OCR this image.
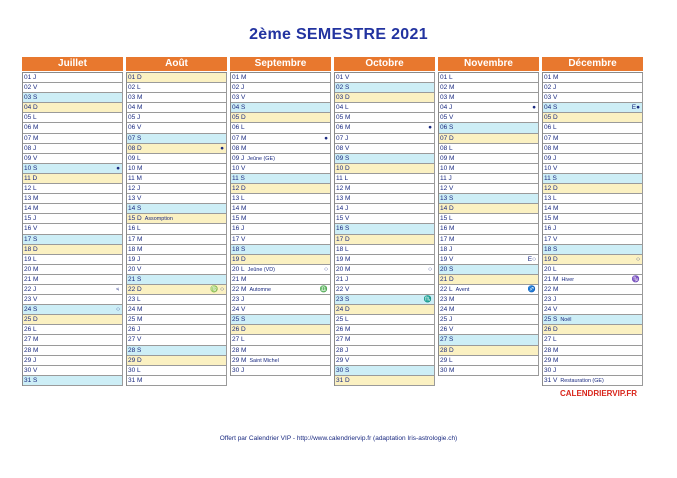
2ème SEMESTRE 2021
Juillet
01 J
02 V
03 S
04 D
05 L
06 M
07 M
08 J
09 V
10 S	●
11 D
12 L
13 M
14 M
15 J
16 V
17 S
18 D
19 L
20 M
21 M
22 J	♃
23 V
24 S	○
25 D
26 L
27 M
28 M
29 J
30 V
31 S
Août
01 D
02 L
03 M
04 M
05 J
06 V
07 S
08 D	●
09 L
10 M
11 M
12 J
13 V
14 S
15 D Assomption
16 L
17 M
18 M
19 J
20 V
21 S
22 D	♍ ○
23 L
24 M
25 M
26 J
27 V
28 S
29 D
30 L
31 M
Septembre
01 M
02 J
03 V
04 S
05 D
06 L
07 M	●
08 M
09 J Jeûne (GE)
10 V
11 S
12 D
13 L
14 M
15 M
16 J
17 V
18 S
19 D
20 L Jeûne (VD)	○
21 M
22 M Automne	♎
23 J
24 V
25 S
26 D
27 L
28 M
29 M Saint Michel
30 J
Octobre
01 V
02 S
03 D
04 L
05 M
06 M	●
07 J
08 V
09 S
10 D
11 L
12 M
13 M
14 J
15 V
16 S
17 D
18 L
19 M
20 M	○
21 J
22 V
23 S	♏
24 D
25 L
26 M
27 M
28 J
29 V
30 S
31 D
Novembre
01 L
02 M
03 M
04 J	●
05 V
06 S
07 D
08 L
09 M
10 M
11 J
12 V
13 S
14 D
15 L
16 M
17 M
18 J
19 V	E○
20 S
21 D
22 L Avent	♐
23 M
24 M
25 J
26 V
27 S
28 D
29 L
30 M
Décembre
01 M
02 J
03 V
04 S	E●
05 D
06 L
07 M
08 M
09 J
10 V
11 S
12 D
13 L
14 M
15 M
16 J
17 V
18 S
19 D	○
20 L
21 M Hiver	♑
22 M
23 J
24 V
25 S Noël
26 D
27 L
28 M
29 M
30 J
31 V Restauration (GE)
CALENDRIERVIP.FR
Offert par Calendrier VIP - http://www.calendriervip.fr (adaptation Iris-astrologie.ch)
